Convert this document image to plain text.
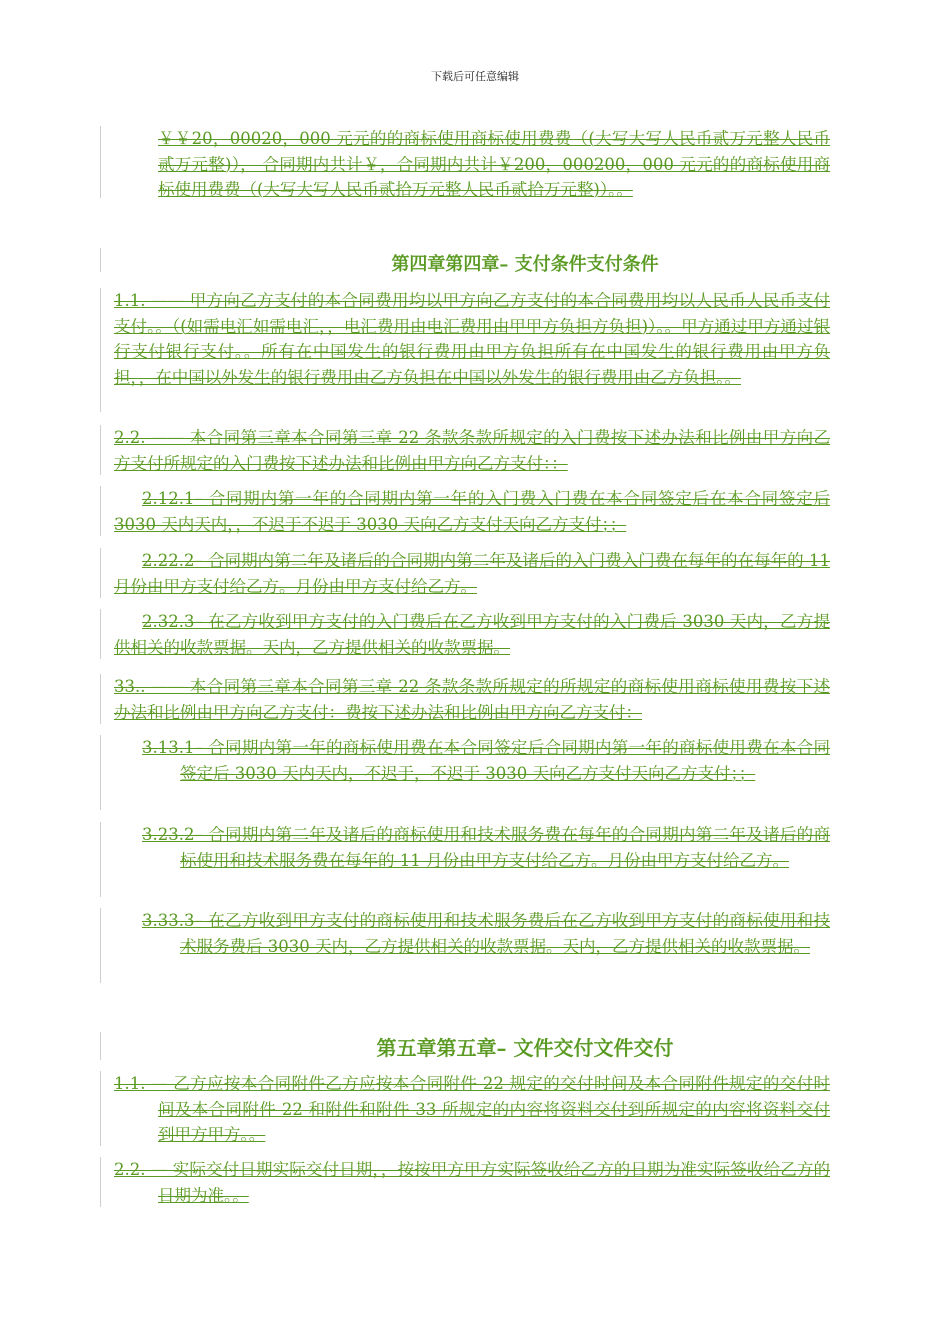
下载后可任意编辑
￥￥20，00020，000 元元的的商标使用商标使用费费（(大写大写人民币贰万元整人民币贰万元整)）， 合同期内共计￥，合同期内共计￥200，000200，000 元元的的商标使用商标使用费费（(大写大写人民币贰拾万元整人民币贰拾万元整)）。。
第四章第四章– 支付条件支付条件
1.1. —— 甲方向乙方支付的本合同费用均以甲方向乙方支付的本合同费用均以人民币人民币支付支付。。（(如需电汇如需电汇，，电汇费用由电汇费用由甲甲方负担方负担)）。。甲方通过甲方通过银行支付银行支付。。所有在中国发生的银行费用由甲方负担所有在中国发生的银行费用由甲方负担，，在中国以外发生的银行费用由乙方负担在中国以外发生的银行费用由乙方负担。。
2.2. —— 本合同第三章本合同第三章 22 条款条款所规定的入门费按下述办法和比例由甲方向乙方支付所规定的入门费按下述办法和比例由甲方向乙方支付：：
2.12.1– 合同期内第一年的合同期内第一年的入门费入门费在本合同签定后在本合同签定后 3030 天内天内，，不迟于不迟于 3030 天向乙方支付天向乙方支付；；
2.22.2– 合同期内第二年及诸后的合同期内第二年及诸后的入门费入门费在每年的在每年的 11 月份由甲方支付给乙方。月份由甲方支付给乙方。
2.32.3– 在乙方收到甲方支付的入门费后在乙方收到甲方支付的入门费后 3030 天内，乙方提供相关的收款票据。天内，乙方提供相关的收款票据。
33.. —— 本合同第三章本合同第三章 22 条款条款所规定的所规定的商标使用商标使用费按下述办法和比例由甲方向乙方支付：费按下述办法和比例由甲方向乙方支付：
3.13.1– 合同期内第一年的商标使用费在本合同签定后合同期内第一年的商标使用费在本合同签定后 3030 天内天内，不迟于，不迟于 3030 天向乙方支付天向乙方支付；；
3.23.2– 合同期内第二年及诸后的商标使用和技术服务费在每年的合同期内第二年及诸后的商标使用和技术服务费在每年的 11 月份由甲方支付给乙方。月份由甲方支付给乙方。
3.33.3– 在乙方收到甲方支付的商标使用和技术服务费后在乙方收到甲方支付的商标使用和技术服务费后 3030 天内，乙方提供相关的收款票据。天内，乙方提供相关的收款票据。
第五章第五章– 文件交付文件交付
1.1. — 乙方应按本合同附件乙方应按本合同附件 22 规定的交付时间及本合同附件规定的交付时间及本合同附件 22 和附件和附件 33 所规定的内容将资料交付到所规定的内容将资料交付到甲方甲方。。
2.2. — 实际交付日期实际交付日期，，按按甲方甲方实际签收给乙方的日期为准实际签收给乙方的日期为准。。
